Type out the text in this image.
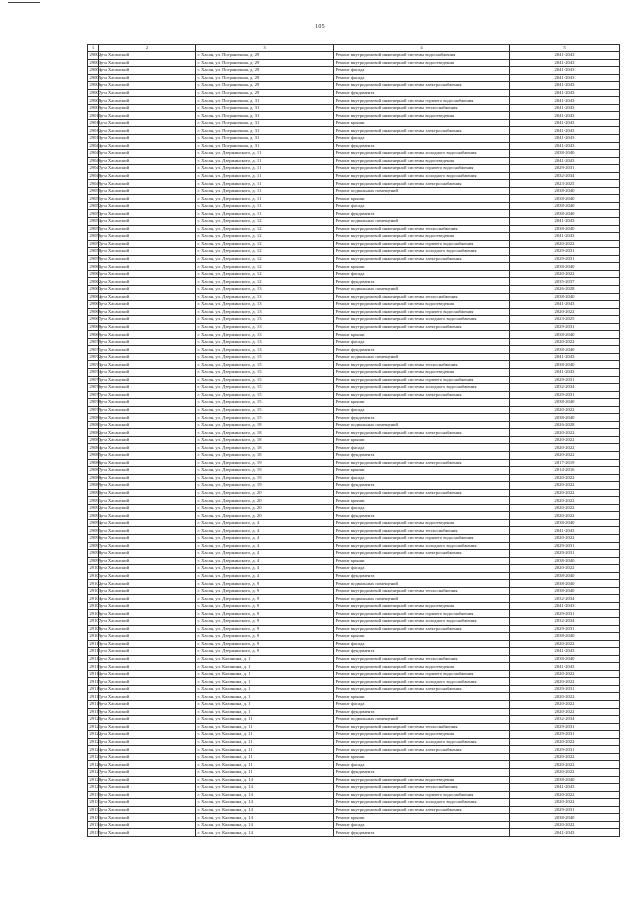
105
1	2	3	4	5
29002	р-н Хасанский	г. Хасан, ул. Пограничная, д. 29	Ремонт внутридомовой инженерной системы водоснабжения	2041-2043
29003	р-н Хасанский	г. Хасан, ул. Пограничная, д. 29	Ремонт внутридомовой инженерной системы водоотведения	2041-2043
29004	р-н Хасанский	г. Хасан, ул. Пограничная, д. 29	Ремонт фасада	2041-2043
29005	р-н Хасанский	г. Хасан, ул. Пограничная, д. 29	Ремонт фасада	2041-2043
29006	р-н Хасанский	г. Хасан, ул. Пограничная, д. 29	Ремонт внутридомовой инженерной системы электроснабжения	2041-2043
29007	р-н Хасанский	г. Хасан, ул. Пограничная, д. 29	Ремонт фундамента	2041-2043
29008	р-н Хасанский	г. Хасан, ул. Пограничная, д. 31	Ремонт внутридомовой инженерной системы горячего водоснабжения	2041-2043
29009	р-н Хасанский	г. Хасан, ул. Пограничная, д. 31	Ремонт внутридомовой инженерной системы теплоснабжения	2041-2043
29010	р-н Хасанский	г. Хасан, ул. Пограничная, д. 31	Ремонт внутридомовой инженерной системы водоотведения	2041-2043
29011	р-н Хасанский	г. Хасан, ул. Пограничная, д. 31	Ремонт крыши	2041-2043
29012	р-н Хасанский	г. Хасан, ул. Пограничная, д. 31	Ремонт внутридомовой инженерной системы электроснабжения	2041-2043
29013	р-н Хасанский	г. Хасан, ул. Пограничная, д. 31	Ремонт фасада	2041-2043
29044	р-н Хасанский	г. Хасан, ул. Пограничная, д. 31	Ремонт фундамента	2041-2043
29045	р-н Хасанский	г. Хасан, ул. Дзержинского, д. 11	Ремонт внутридомовой инженерной системы холодного водоснабжения	2038-2040
29046	р-н Хасанский	г. Хасан, ул. Дзержинского, д. 11	Ремонт внутридомовой инженерной системы водоотведения	2041-2043
29047	р-н Хасанский	г. Хасан, ул. Дзержинского, д. 11	Ремонт внутридомовой инженерной системы горячего водоснабжения	2029-2031
29048	р-н Хасанский	г. Хасан, ул. Дзержинского, д. 11	Ремонт внутридомовой инженерной системы холодного водоснабжения	2032-2034
29049	р-н Хасанский	г. Хасан, ул. Дзержинского, д. 11	Ремонт внутридомовой инженерной системы электроснабжения	2023-2025
29050	р-н Хасанский	г. Хасан, ул. Дзержинского, д. 11	Ремонт подвальных помещений	2038-2040
29051	р-н Хасанский	г. Хасан, ул. Дзержинского, д. 11	Ремонт крыши	2038-2040
29052	р-н Хасанский	г. Хасан, ул. Дзержинского, д. 11	Ремонт фасада	2038-2040
29053	р-н Хасанский	г. Хасан, ул. Дзержинского, д. 11	Ремонт фундамента	2038-2040
29054	р-н Хасанский	г. Хасан, ул. Дзержинского, д. 12	Ремонт подвальных помещений	2041-2043
29055	р-н Хасанский	г. Хасан, ул. Дзержинского, д. 12	Ремонт внутридомовой инженерной системы теплоснабжения	2038-2040
29056	р-н Хасанский	г. Хасан, ул. Дзержинского, д. 12	Ремонт внутридомовой инженерной системы водоотведения	2041-2043
29057	р-н Хасанский	г. Хасан, ул. Дзержинского, д. 12	Ремонт внутридомовой инженерной системы горячего водоснабжения	2020-2022
29058	р-н Хасанский	г. Хасан, ул. Дзержинского, д. 12	Ремонт внутридомовой инженерной системы холодного водоснабжения	2029-2031
29059	р-н Хасанский	г. Хасан, ул. Дзержинского, д. 12	Ремонт внутридомовой инженерной системы электроснабжения	2029-2031
29060	р-н Хасанский	г. Хасан, ул. Дзержинского, д. 12	Ремонт крыши	2038-2040
29061	р-н Хасанский	г. Хасан, ул. Дзержинского, д. 12	Ремонт фасада	2020-2022
29062	р-н Хасанский	г. Хасан, ул. Дзержинского, д. 12	Ремонт фундамента	2035-2037
29063	р-н Хасанский	г. Хасан, ул. Дзержинского, д. 13	Ремонт подвальных помещений	2026-2028
29064	р-н Хасанский	г. Хасан, ул. Дзержинского, д. 13	Ремонт внутридомовой инженерной системы теплоснабжения	2038-2040
29065	р-н Хасанский	г. Хасан, ул. Дзержинского, д. 13	Ремонт внутридомовой инженерной системы водоотведения	2041-2043
29066	р-н Хасанский	г. Хасан, ул. Дзержинского, д. 13	Ремонт внутридомовой инженерной системы горячего водоснабжения	2020-2022
29067	р-н Хасанский	г. Хасан, ул. Дзержинского, д. 13	Ремонт внутридомовой инженерной системы холодного водоснабжения	2023-2025
29068	р-н Хасанский	г. Хасан, ул. Дзержинского, д. 13	Ремонт внутридомовой инженерной системы электроснабжения	2029-2031
29069	р-н Хасанский	г. Хасан, ул. Дзержинского, д. 13	Ремонт крыши	2038-2040
29070	р-н Хасанский	г. Хасан, ул. Дзержинского, д. 13	Ремонт фасада	2020-2022
29071	р-н Хасанский	г. Хасан, ул. Дзержинского, д. 13	Ремонт фундамента	2038-2040
29072	р-н Хасанский	г. Хасан, ул. Дзержинского, д. 15	Ремонт подвальных помещений	2041-2043
29073	р-н Хасанский	г. Хасан, ул. Дзержинского, д. 15	Ремонт внутридомовой инженерной системы теплоснабжения	2038-2040
29074	р-н Хасанский	г. Хасан, ул. Дзержинского, д. 15	Ремонт внутридомовой инженерной системы водоотведения	2041-2043
29075	р-н Хасанский	г. Хасан, ул. Дзержинского, д. 15	Ремонт внутридомовой инженерной системы горячего водоснабжения	2029-2031
29076	р-н Хасанский	г. Хасан, ул. Дзержинского, д. 15	Ремонт внутридомовой инженерной системы холодного водоснабжения	2032-2034
29077	р-н Хасанский	г. Хасан, ул. Дзержинского, д. 15	Ремонт внутридомовой инженерной системы электроснабжения	2029-2031
29078	р-н Хасанский	г. Хасан, ул. Дзержинского, д. 15	Ремонт крыши	2038-2040
29079	р-н Хасанский	г. Хасан, ул. Дзержинского, д. 15	Ремонт фасада	2020-2022
29080	р-н Хасанский	г. Хасан, ул. Дзержинского, д. 15	Ремонт фундамента	2038-2040
29081	р-н Хасанский	г. Хасан, ул. Дзержинского, д. 18	Ремонт подвальных помещений	2026-2028
29082	р-н Хасанский	г. Хасан, ул. Дзержинского, д. 18	Ремонт внутридомовой инженерной системы электроснабжения	2020-2022
29083	р-н Хасанский	г. Хасан, ул. Дзержинского, д. 18	Ремонт крыши	2020-2022
29084	р-н Хасанский	г. Хасан, ул. Дзержинского, д. 18	Ремонт фасада	2020-2022
29085	р-н Хасанский	г. Хасан, ул. Дзержинского, д. 18	Ремонт фундамента	2020-2022
29086	р-н Хасанский	г. Хасан, ул. Дзержинского, д. 19	Ремонт внутридомовой инженерной системы электроснабжения	2017-2019
29087	р-н Хасанский	г. Хасан, ул. Дзержинского, д. 19	Ремонт крыши	2014-2016
29088	р-н Хасанский	г. Хасан, ул. Дзержинского, д. 19	Ремонт фасада	2020-2022
29089	р-н Хасанский	г. Хасан, ул. Дзержинского, д. 19	Ремонт фундамента	2020-2022
29090	р-н Хасанский	г. Хасан, ул. Дзержинского, д. 20	Ремонт внутридомовой инженерной системы электроснабжения	2020-2022
29091	р-н Хасанский	г. Хасан, ул. Дзержинского, д. 20	Ремонт крыши	2020-2022
29092	р-н Хасанский	г. Хасан, ул. Дзержинского, д. 20	Ремонт фасада	2020-2022
29093	р-н Хасанский	г. Хасан, ул. Дзержинского, д. 20	Ремонт фундамента	2020-2022
29094	р-н Хасанский	г. Хасан, ул. Дзержинского, д. 4	Ремонт внутридомовой инженерной системы водоотведения	2038-2040
29095	р-н Хасанский	г. Хасан, ул. Дзержинского, д. 4	Ремонт внутридомовой инженерной системы теплоснабжения	2041-2043
29096	р-н Хасанский	г. Хасан, ул. Дзержинского, д. 4	Ремонт внутридомовой инженерной системы горячего водоснабжения	2020-2022
29097	р-н Хасанский	г. Хасан, ул. Дзержинского, д. 4	Ремонт внутридомовой инженерной системы холодного водоснабжения	2029-2031
29098	р-н Хасанский	г. Хасан, ул. Дзержинского, д. 4	Ремонт внутридомовой инженерной системы электроснабжения	2029-2031
29099	р-н Хасанский	г. Хасан, ул. Дзержинского, д. 4	Ремонт крыши	2038-2040
29100	р-н Хасанский	г. Хасан, ул. Дзержинского, д. 4	Ремонт фасада	2020-2022
29101	р-н Хасанский	г. Хасан, ул. Дзержинского, д. 4	Ремонт фундамента	2038-2040
29102	р-н Хасанский	г. Хасан, ул. Дзержинского, д. 9	Ремонт подвальных помещений	2038-2040
29103	р-н Хасанский	г. Хасан, ул. Дзержинского, д. 9	Ремонт внутридомовой инженерной системы теплоснабжения	2038-2040
29104	р-н Хасанский	г. Хасан, ул. Дзержинского, д. 9	Ремонт подвальных помещений	2032-2034
29105	р-н Хасанский	г. Хасан, ул. Дзержинского, д. 9	Ремонт внутридомовой инженерной системы водоотведения	2041-2043
29106	р-н Хасанский	г. Хасан, ул. Дзержинского, д. 9	Ремонт внутридомовой инженерной системы горячего водоснабжения	2029-2031
29107	р-н Хасанский	г. Хасан, ул. Дзержинского, д. 9	Ремонт внутридомовой инженерной системы холодного водоснабжения	2032-2034
29108	р-н Хасанский	г. Хасан, ул. Дзержинского, д. 9	Ремонт внутридомовой инженерной системы электроснабжения	2029-2031
29109	р-н Хасанский	г. Хасан, ул. Дзержинского, д. 9	Ремонт крыши	2038-2040
29110	р-н Хасанский	г. Хасан, ул. Дзержинского, д. 9	Ремонт фасада	2020-2022
29111	р-н Хасанский	г. Хасан, ул. Дзержинского, д. 9	Ремонт фундамента	2041-2043
29112	р-н Хасанский	г. Хасан, ул. Калинина, д. 1	Ремонт внутридомовой инженерной системы теплоснабжения	2038-2040
29113	р-н Хасанский	г. Хасан, ул. Калинина, д. 1	Ремонт внутридомовой инженерной системы водоотведения	2041-2043
29114	р-н Хасанский	г. Хасан, ул. Калинина, д. 1	Ремонт внутридомовой инженерной системы горячего водоснабжения	2020-2022
29115	р-н Хасанский	г. Хасан, ул. Калинина, д. 1	Ремонт внутридомовой инженерной системы холодного водоснабжения	2020-2022
29116	р-н Хасанский	г. Хасан, ул. Калинина, д. 1	Ремонт внутридомовой инженерной системы электроснабжения	2029-2031
29117	р-н Хасанский	г. Хасан, ул. Калинина, д. 1	Ремонт крыши	2020-2022
29118	р-н Хасанский	г. Хасан, ул. Калинина, д. 1	Ремонт фасада	2020-2022
29119	р-н Хасанский	г. Хасан, ул. Калинина, д. 1	Ремонт фундамента	2020-2022
29120	р-н Хасанский	г. Хасан, ул. Калинина, д. 11	Ремонт подвальных помещений	2032-2034
29121	р-н Хасанский	г. Хасан, ул. Калинина, д. 11	Ремонт внутридомовой инженерной системы теплоснабжения	2029-2031
29122	р-н Хасанский	г. Хасан, ул. Калинина, д. 11	Ремонт внутридомовой инженерной системы водоотведения	2029-2031
29123	р-н Хасанский	г. Хасан, ул. Калинина, д. 11	Ремонт внутридомовой инженерной системы холодного водоснабжения	2020-2022
29124	р-н Хасанский	г. Хасан, ул. Калинина, д. 11	Ремонт внутридомовой инженерной системы электроснабжения	2029-2031
29125	р-н Хасанский	г. Хасан, ул. Калинина, д. 11	Ремонт крыши	2020-2022
29126	р-н Хасанский	г. Хасан, ул. Калинина, д. 11	Ремонт фасада	2020-2022
29127	р-н Хасанский	г. Хасан, ул. Калинина, д. 11	Ремонт фундамента	2020-2022
29128	р-н Хасанский	г. Хасан, ул. Калинина, д. 14	Ремонт внутридомовой инженерной системы водоотведения	2038-2040
29129	р-н Хасанский	г. Хасан, ул. Калинина, д. 14	Ремонт внутридомовой инженерной системы теплоснабжения	2041-2043
29130	р-н Хасанский	г. Хасан, ул. Калинина, д. 14	Ремонт внутридомовой инженерной системы горячего водоснабжения	2020-2022
29131	р-н Хасанский	г. Хасан, ул. Калинина, д. 14	Ремонт внутридомовой инженерной системы холодного водоснабжения	2020-2022
29132	р-н Хасанский	г. Хасан, ул. Калинина, д. 14	Ремонт внутридомовой инженерной системы электроснабжения	2029-2031
29133	р-н Хасанский	г. Хасан, ул. Калинина, д. 14	Ремонт крыши	2038-2040
29134	р-н Хасанский	г. Хасан, ул. Калинина, д. 14	Ремонт фасада	2020-2022
29135	р-н Хасанский	г. Хасан, ул. Калинина, д. 14	Ремонт фундамента	2041-2043
